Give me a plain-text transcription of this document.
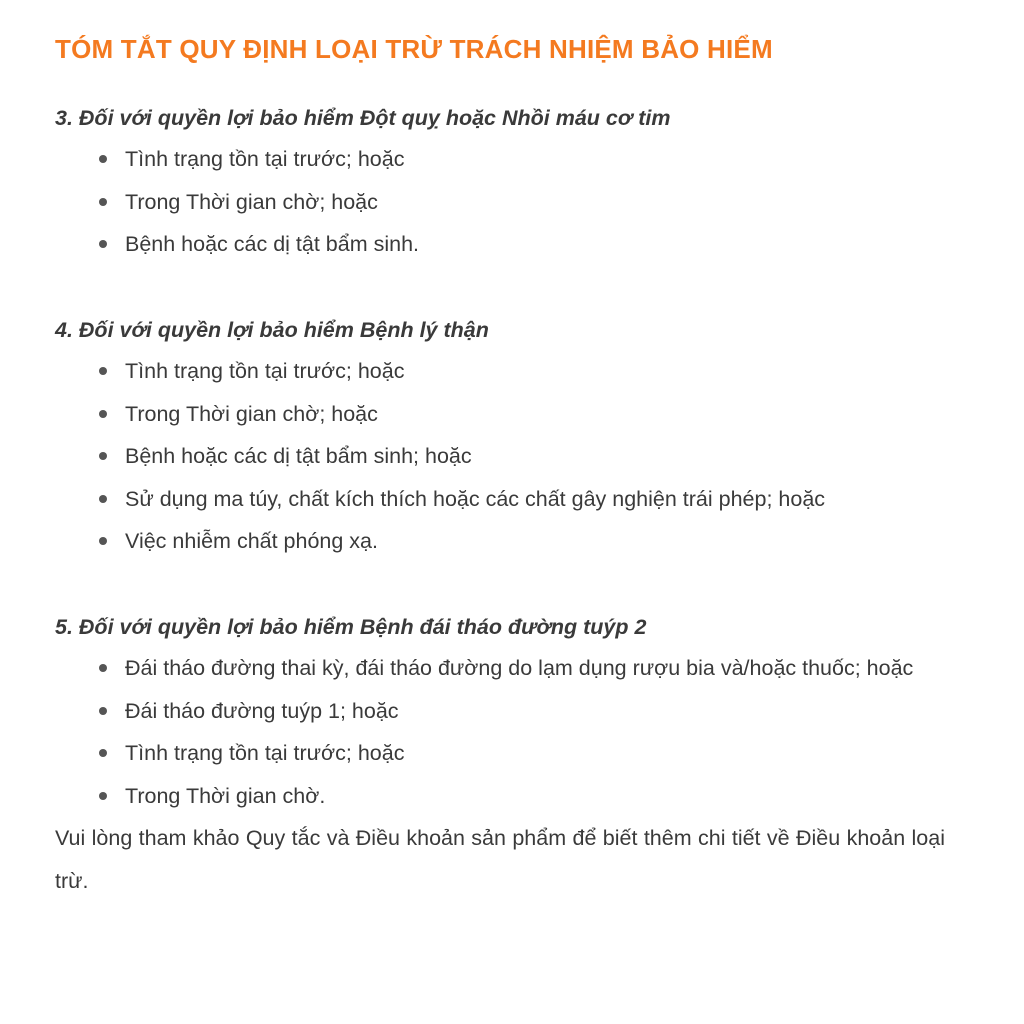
TÓM TẮT QUY ĐỊNH LOẠI TRỪ TRÁCH NHIỆM BẢO HIỂM
3. Đối với quyền lợi bảo hiểm Đột quỵ hoặc Nhồi máu cơ tim
Tình trạng tồn tại trước; hoặc
Trong Thời gian chờ; hoặc
Bệnh hoặc các dị tật bẩm sinh.
4. Đối với quyền lợi bảo hiểm Bệnh lý thận
Tình trạng tồn tại trước; hoặc
Trong Thời gian chờ; hoặc
Bệnh hoặc các dị tật bẩm sinh; hoặc
Sử dụng ma túy, chất kích thích hoặc các chất gây nghiện trái phép; hoặc
Việc nhiễm chất phóng xạ.
5. Đối với quyền lợi bảo hiểm Bệnh đái tháo đường tuýp 2
Đái tháo đường thai kỳ, đái tháo đường do lạm dụng rượu bia và/hoặc thuốc; hoặc
Đái tháo đường tuýp 1; hoặc
Tình trạng tồn tại trước; hoặc
Trong Thời gian chờ.

Vui lòng tham khảo Quy tắc và Điều khoản sản phẩm để biết thêm chi tiết về Điều khoản loại trừ.
